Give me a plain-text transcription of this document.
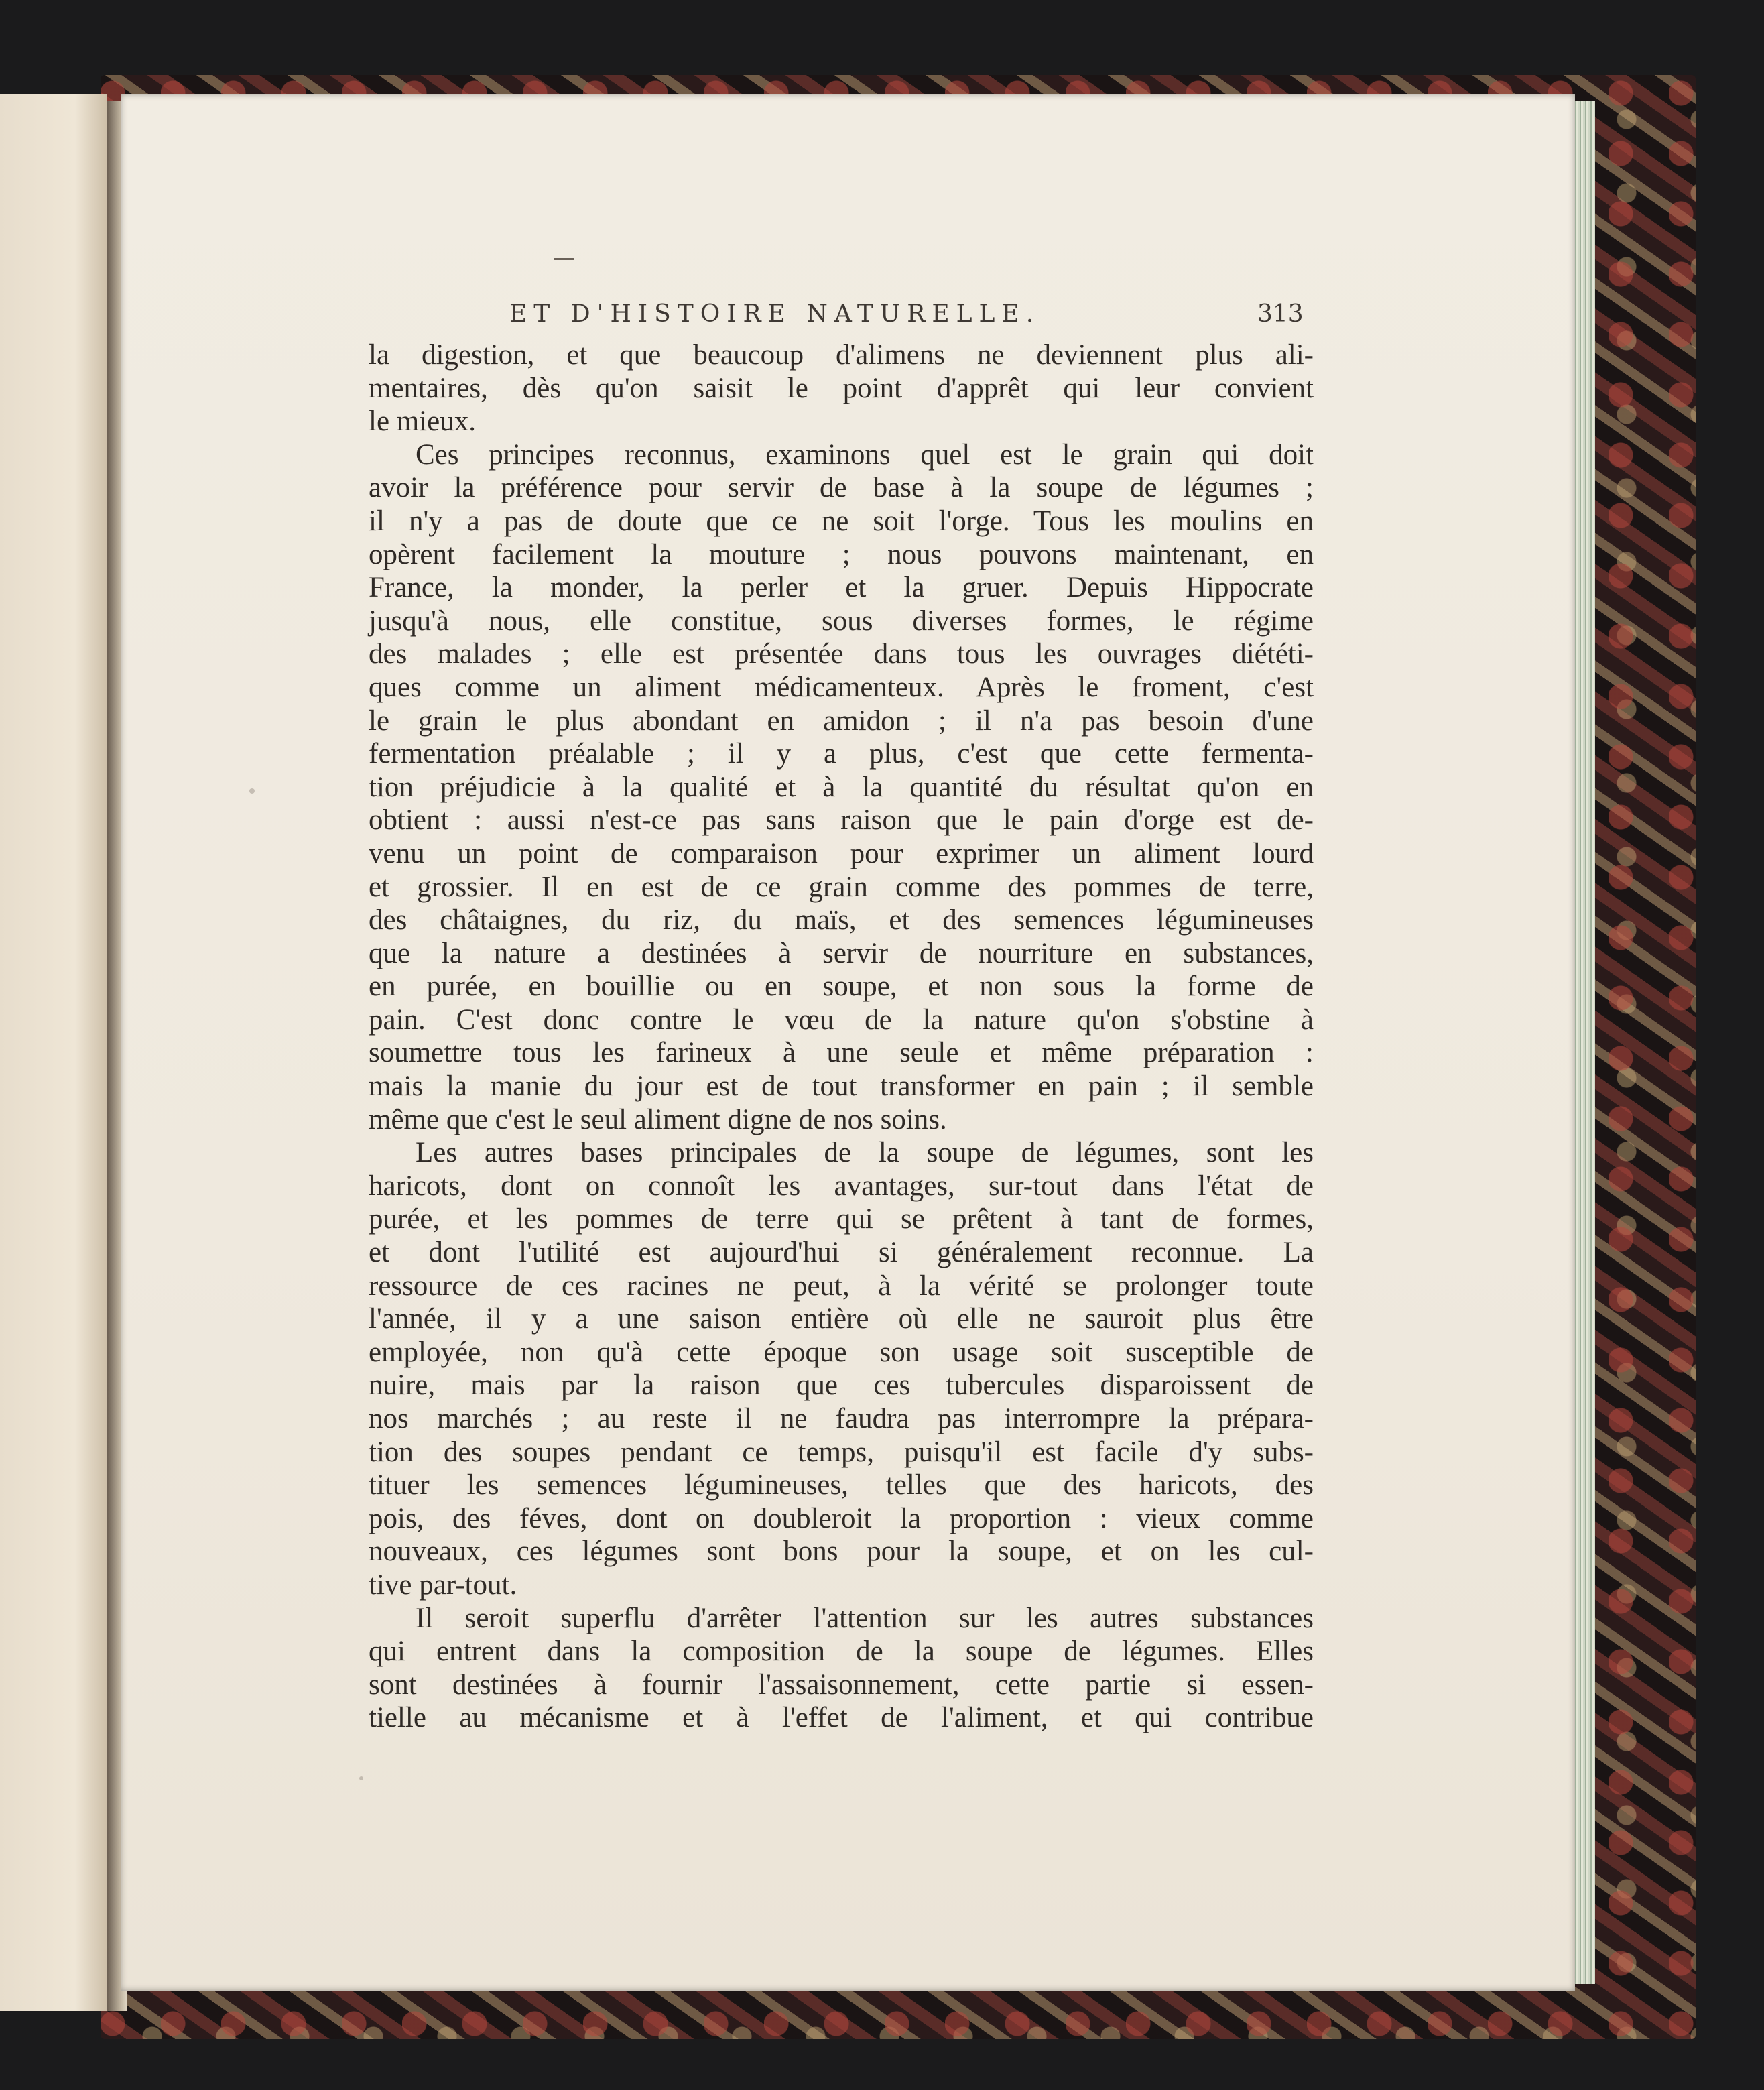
ET D'HISTOIRE NATURELLE.	313
la digestion, et que beaucoup d'alimens ne deviennent plus ali-
mentaires, dès qu'on saisit le point d'apprêt qui leur convient
le mieux.
Ces principes reconnus, examinons quel est le grain qui doit
avoir la préférence pour servir de base à la soupe de légumes ;
il n'y a pas de doute que ce ne soit l'orge. Tous les moulins en
opèrent facilement la mouture ; nous pouvons maintenant, en
France, la monder, la perler et la gruer. Depuis Hippocrate
jusqu'à nous, elle constitue, sous diverses formes, le régime
des malades ; elle est présentée dans tous les ouvrages diététi-
ques comme un aliment médicamenteux. Après le froment, c'est
le grain le plus abondant en amidon ; il n'a pas besoin d'une
fermentation préalable ; il y a plus, c'est que cette fermenta-
tion préjudicie à la qualité et à la quantité du résultat qu'on en
obtient : aussi n'est-ce pas sans raison que le pain d'orge est de-
venu un point de comparaison pour exprimer un aliment lourd
et grossier. Il en est de ce grain comme des pommes de terre,
des châtaignes, du riz, du maïs, et des semences légumineuses
que la nature a destinées à servir de nourriture en substances,
en purée, en bouillie ou en soupe, et non sous la forme de
pain. C'est donc contre le vœu de la nature qu'on s'obstine à
soumettre tous les farineux à une seule et même préparation :
mais la manie du jour est de tout transformer en pain ; il semble
même que c'est le seul aliment digne de nos soins.
Les autres bases principales de la soupe de légumes, sont les
haricots, dont on connoît les avantages, sur-tout dans l'état de
purée, et les pommes de terre qui se prêtent à tant de formes,
et dont l'utilité est aujourd'hui si généralement reconnue. La
ressource de ces racines ne peut, à la vérité se prolonger toute
l'année, il y a une saison entière où elle ne sauroit plus être
employée, non qu'à cette époque son usage soit susceptible de
nuire, mais par la raison que ces tubercules disparoissent de
nos marchés ; au reste il ne faudra pas interrompre la prépara-
tion des soupes pendant ce temps, puisqu'il est facile d'y subs-
tituer les semences légumineuses, telles que des haricots, des
pois, des féves, dont on doubleroit la proportion : vieux comme
nouveaux, ces légumes sont bons pour la soupe, et on les cul-
tive par-tout.
Il seroit superflu d'arrêter l'attention sur les autres substances
qui entrent dans la composition de la soupe de légumes. Elles
sont destinées à fournir l'assaisonnement, cette partie si essen-
tielle au mécanisme et à l'effet de l'aliment, et qui contribue
